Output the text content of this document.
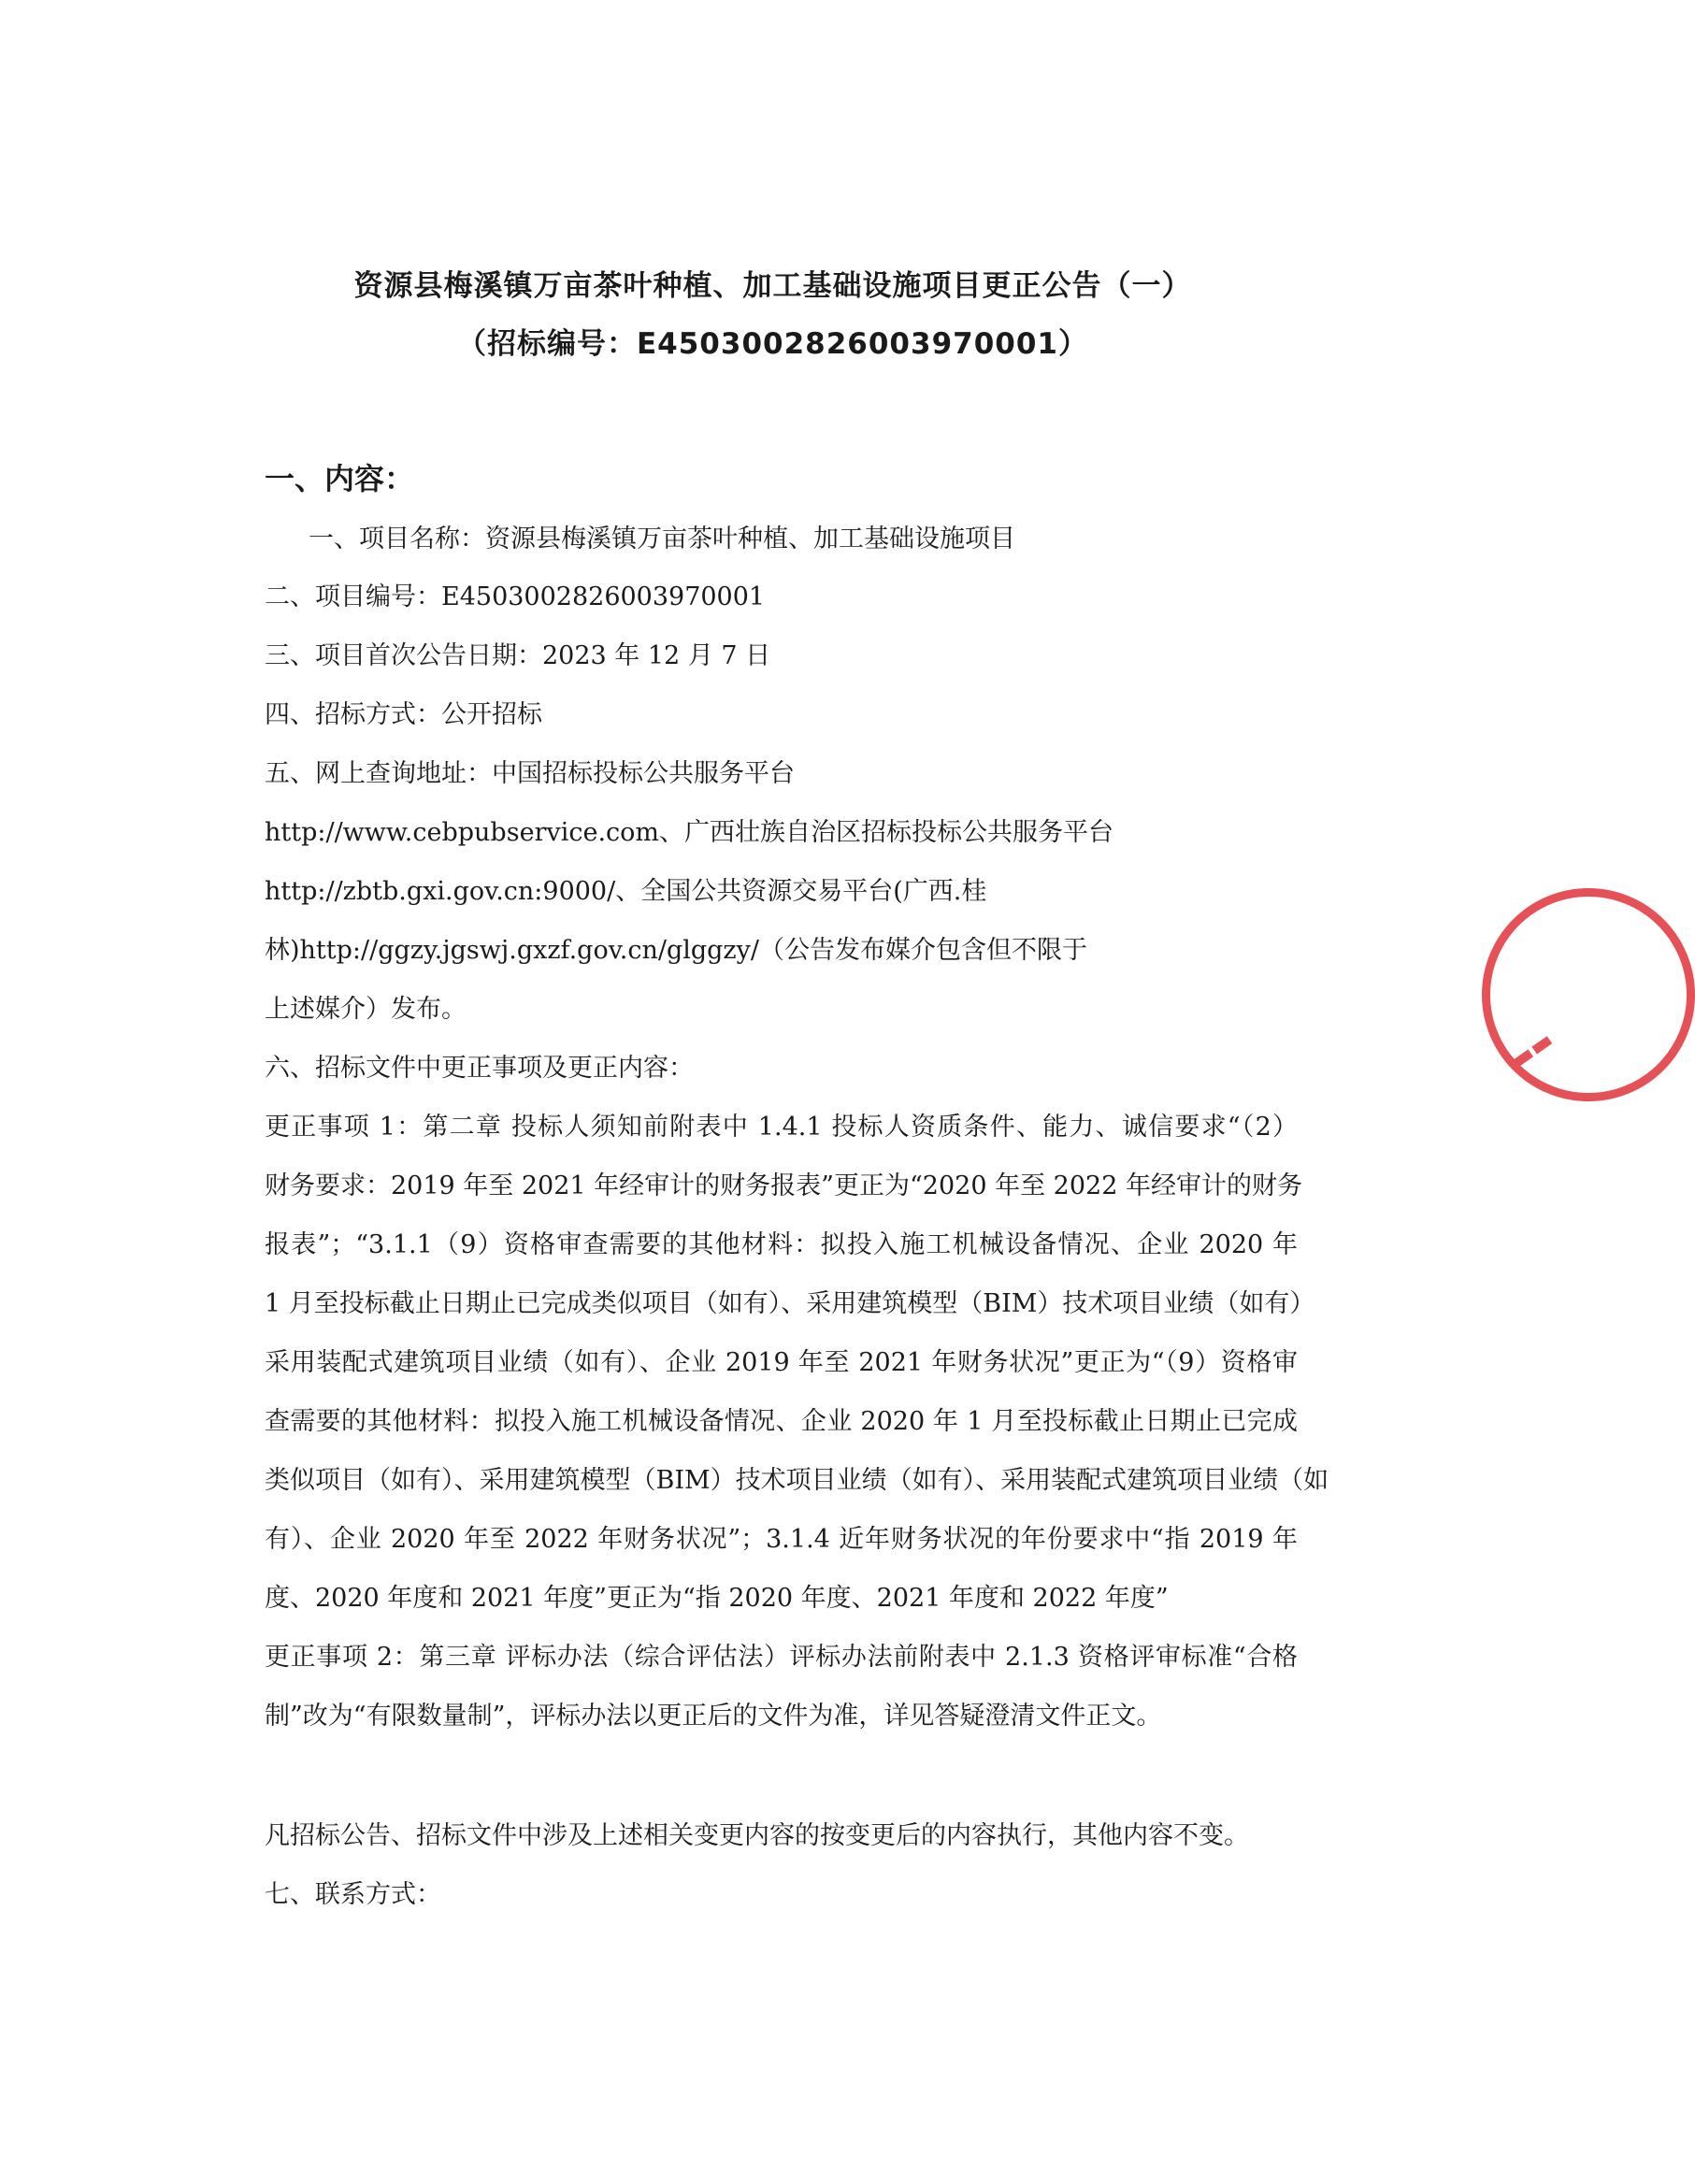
资源县梅溪镇万亩茶叶种植、加工基础设施项目更正公告（一）
（招标编号：E4503002826003970001）
一、内容：
一、项目名称：资源县梅溪镇万亩茶叶种植、加工基础设施项目
二、项目编号：E4503002826003970001
三、项目首次公告日期：2023 年 12 月 7 日
四、招标方式：公开招标
五、网上查询地址：中国招标投标公共服务平台
http://www.cebpubservice.com、广西壮族自治区招标投标公共服务平台
http://zbtb.gxi.gov.cn:9000/、全国公共资源交易平台(广西.桂
林)http://ggzy.jgswj.gxzf.gov.cn/glggzy/（公告发布媒介包含但不限于
上述媒介）发布。
六、招标文件中更正事项及更正内容：
更正事项 1：第二章 投标人须知前附表中 1.4.1 投标人资质条件、能力、诚信要求“（2）
财务要求：2019 年至 2021 年经审计的财务报表”更正为“2020 年至 2022 年经审计的财务
报表”；“3.1.1（9）资格审查需要的其他材料：拟投入施工机械设备情况、企业 2020 年
1 月至投标截止日期止已完成类似项目（如有）、采用建筑模型（BIM）技术项目业绩（如有）
采用装配式建筑项目业绩（如有）、企业 2019 年至 2021 年财务状况”更正为“（9）资格审
查需要的其他材料：拟投入施工机械设备情况、企业 2020 年 1 月至投标截止日期止已完成
类似项目（如有）、采用建筑模型（BIM）技术项目业绩（如有）、采用装配式建筑项目业绩（如
有）、企业 2020 年至 2022 年财务状况”；3.1.4 近年财务状况的年份要求中“指 2019 年
度、2020 年度和 2021 年度”更正为“指 2020 年度、2021 年度和 2022 年度”
更正事项 2：第三章 评标办法（综合评估法）评标办法前附表中 2.1.3 资格评审标准“合格
制”改为“有限数量制”，评标办法以更正后的文件为准，详见答疑澄清文件正文。
凡招标公告、招标文件中涉及上述相关变更内容的按变更后的内容执行，其他内容不变。
七、联系方式：
▬▬
